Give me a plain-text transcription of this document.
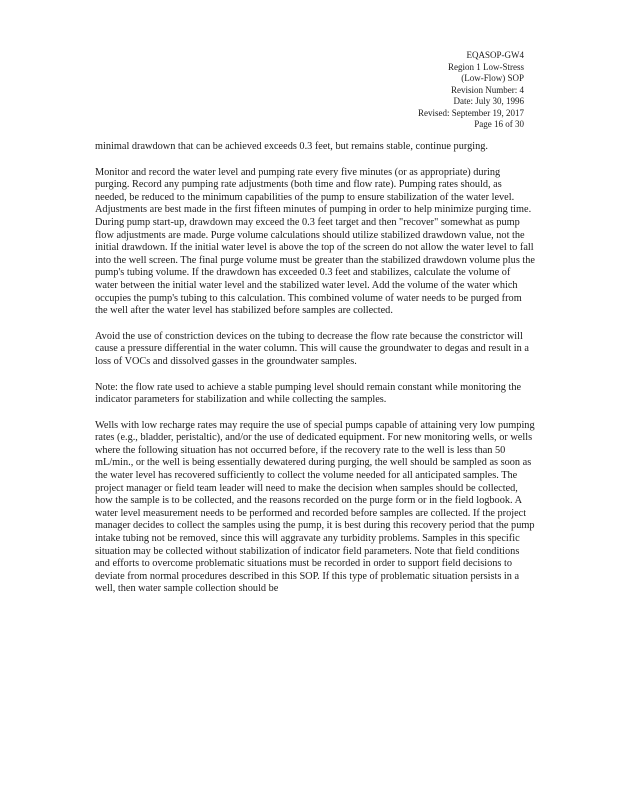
EQASOP-GW4
Region 1 Low-Stress
(Low-Flow) SOP
Revision Number: 4
Date: July 30, 1996
Revised: September 19, 2017
Page 16 of 30

minimal drawdown that can be achieved exceeds 0.3 feet, but remains stable, continue purging.

Monitor and record the water level and pumping rate every five minutes (or as appropriate) during purging. Record any pumping rate adjustments (both time and flow rate). Pumping rates should, as needed, be reduced to the minimum capabilities of the pump to ensure stabilization of the water level. Adjustments are best made in the first fifteen minutes of pumping in order to help minimize purging time. During pump start-up, drawdown may exceed the 0.3 feet target and then "recover" somewhat as pump flow adjustments are made. Purge volume calculations should utilize stabilized drawdown value, not the initial drawdown. If the initial water level is above the top of the screen do not allow the water level to fall into the well screen. The final purge volume must be greater than the stabilized drawdown volume plus the pump's tubing volume. If the drawdown has exceeded 0.3 feet and stabilizes, calculate the volume of water between the initial water level and the stabilized water level. Add the volume of the water which occupies the pump's tubing to this calculation. This combined volume of water needs to be purged from the well after the water level has stabilized before samples are collected.

Avoid the use of constriction devices on the tubing to decrease the flow rate because the constrictor will cause a pressure differential in the water column. This will cause the groundwater to degas and result in a loss of VOCs and dissolved gasses in the groundwater samples.

Note: the flow rate used to achieve a stable pumping level should remain constant while monitoring the indicator parameters for stabilization and while collecting the samples.

Wells with low recharge rates may require the use of special pumps capable of attaining very low pumping rates (e.g., bladder, peristaltic), and/or the use of dedicated equipment. For new monitoring wells, or wells where the following situation has not occurred before, if the recovery rate to the well is less than 50 mL/min., or the well is being essentially dewatered during purging, the well should be sampled as soon as the water level has recovered sufficiently to collect the volume needed for all anticipated samples. The project manager or field team leader will need to make the decision when samples should be collected, how the sample is to be collected, and the reasons recorded on the purge form or in the field logbook. A water level measurement needs to be performed and recorded before samples are collected. If the project manager decides to collect the samples using the pump, it is best during this recovery period that the pump intake tubing not be removed, since this will aggravate any turbidity problems. Samples in this specific situation may be collected without stabilization of indicator field parameters. Note that field conditions and efforts to overcome problematic situations must be recorded in order to support field decisions to deviate from normal procedures described in this SOP. If this type of problematic situation persists in a well, then water sample collection should be
